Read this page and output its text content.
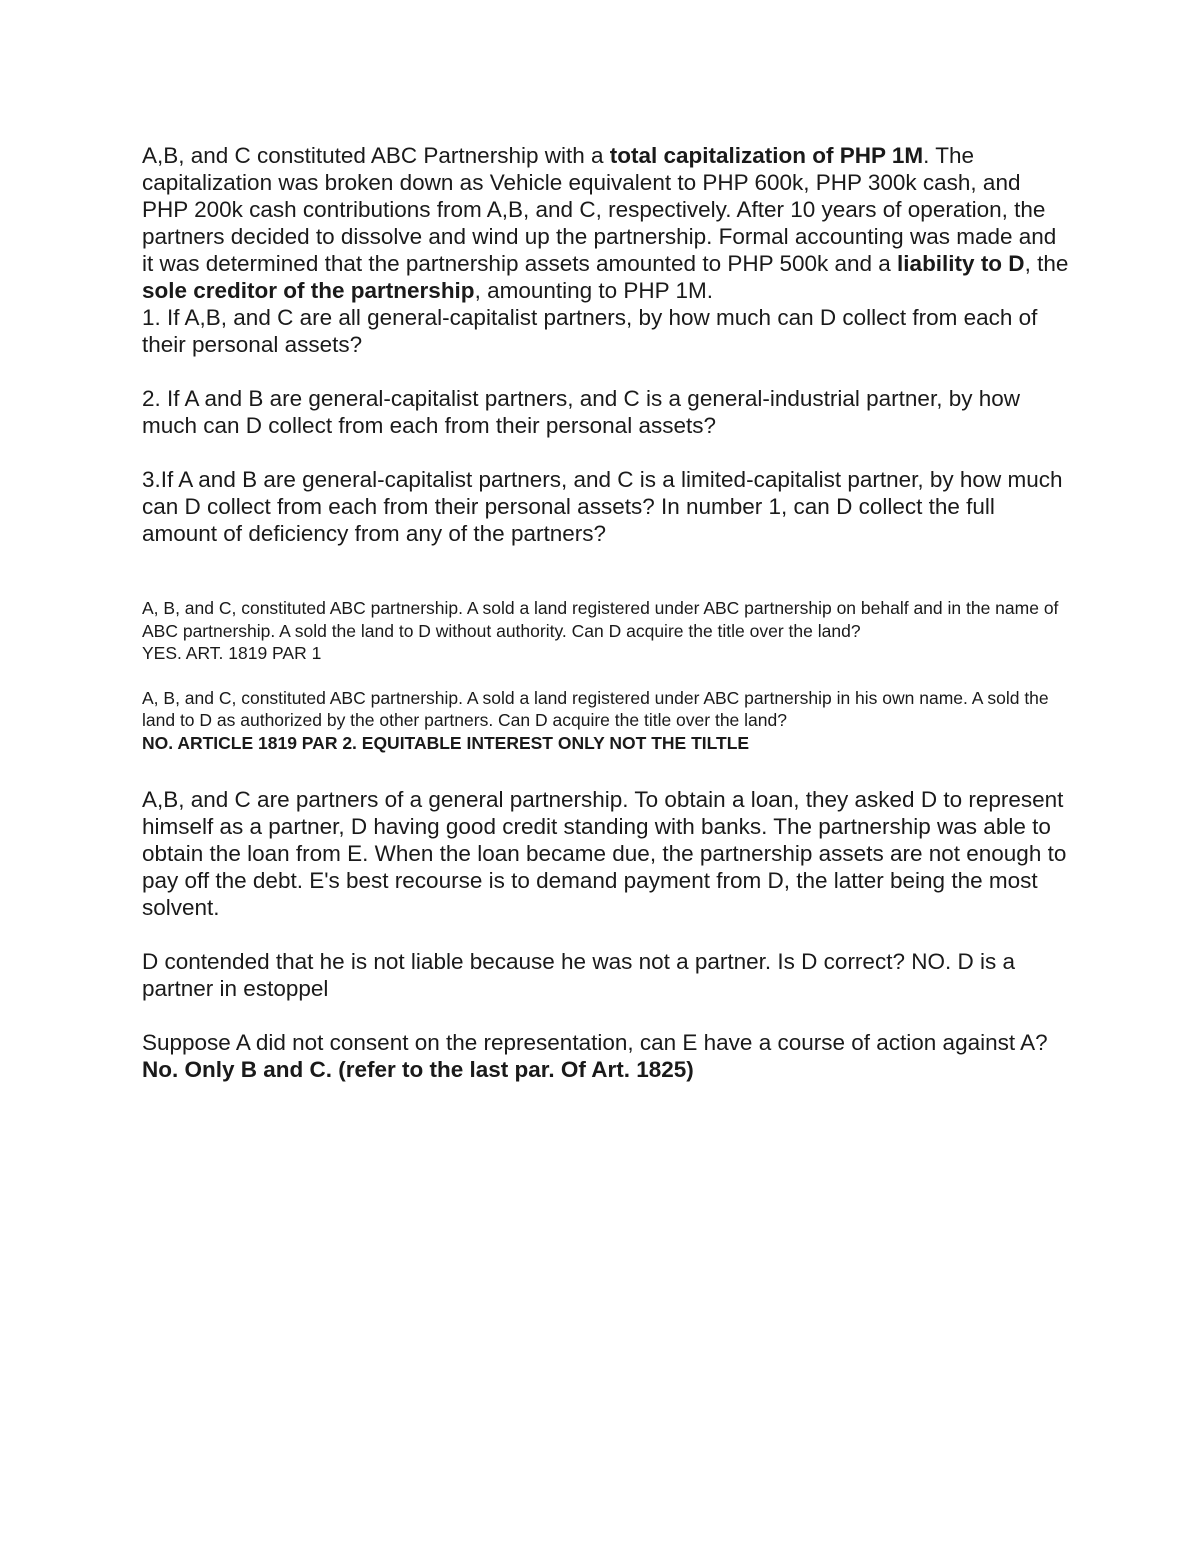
A,B, and C constituted ABC Partnership with a total capitalization of PHP 1M. The capitalization was broken down as Vehicle equivalent to PHP 600k, PHP 300k cash, and PHP 200k cash contributions from A,B, and C, respectively. After 10 years of operation, the partners decided to dissolve and wind up the partnership. Formal accounting was made and it was determined that the partnership assets amounted to PHP 500k and a liability to D, the sole creditor of the partnership, amounting to PHP 1M.

1. If A,B, and C are all general-capitalist partners, by how much can D collect from each of their personal assets?

2. If A and B are general-capitalist partners, and C is a general-industrial partner, by how much can D collect from each from their personal assets?

3.If A and B are general-capitalist partners, and C is a limited-capitalist partner, by how much can D collect from each from their personal assets? In number 1, can D collect the full amount of deficiency from any of the partners?

A, B, and C, constituted ABC partnership. A sold a land registered under ABC partnership on behalf and in the name of ABC partnership. A sold the land to D without authority. Can D acquire the title over the land?

YES. ART. 1819 PAR 1

A, B, and C, constituted ABC partnership. A sold a land registered under ABC partnership in his own name. A sold the land to D as authorized by the other partners. Can D acquire the title over the land?

NO. ARTICLE 1819 PAR 2. EQUITABLE INTEREST ONLY NOT THE TILTLE

A,B, and C are partners of a general partnership. To obtain a loan, they asked D to represent himself as a partner, D having good credit standing with banks. The partnership was able to obtain the loan from E. When the loan became due, the partnership assets are not enough to pay off the debt. E's best recourse is to demand payment from D, the latter being the most solvent.

D contended that he is not liable because he was not a partner. Is D correct? NO. D is a partner in estoppel

Suppose A did not consent on the representation, can E have a course of action against A?

No. Only B and C. (refer to the last par. Of Art. 1825)
